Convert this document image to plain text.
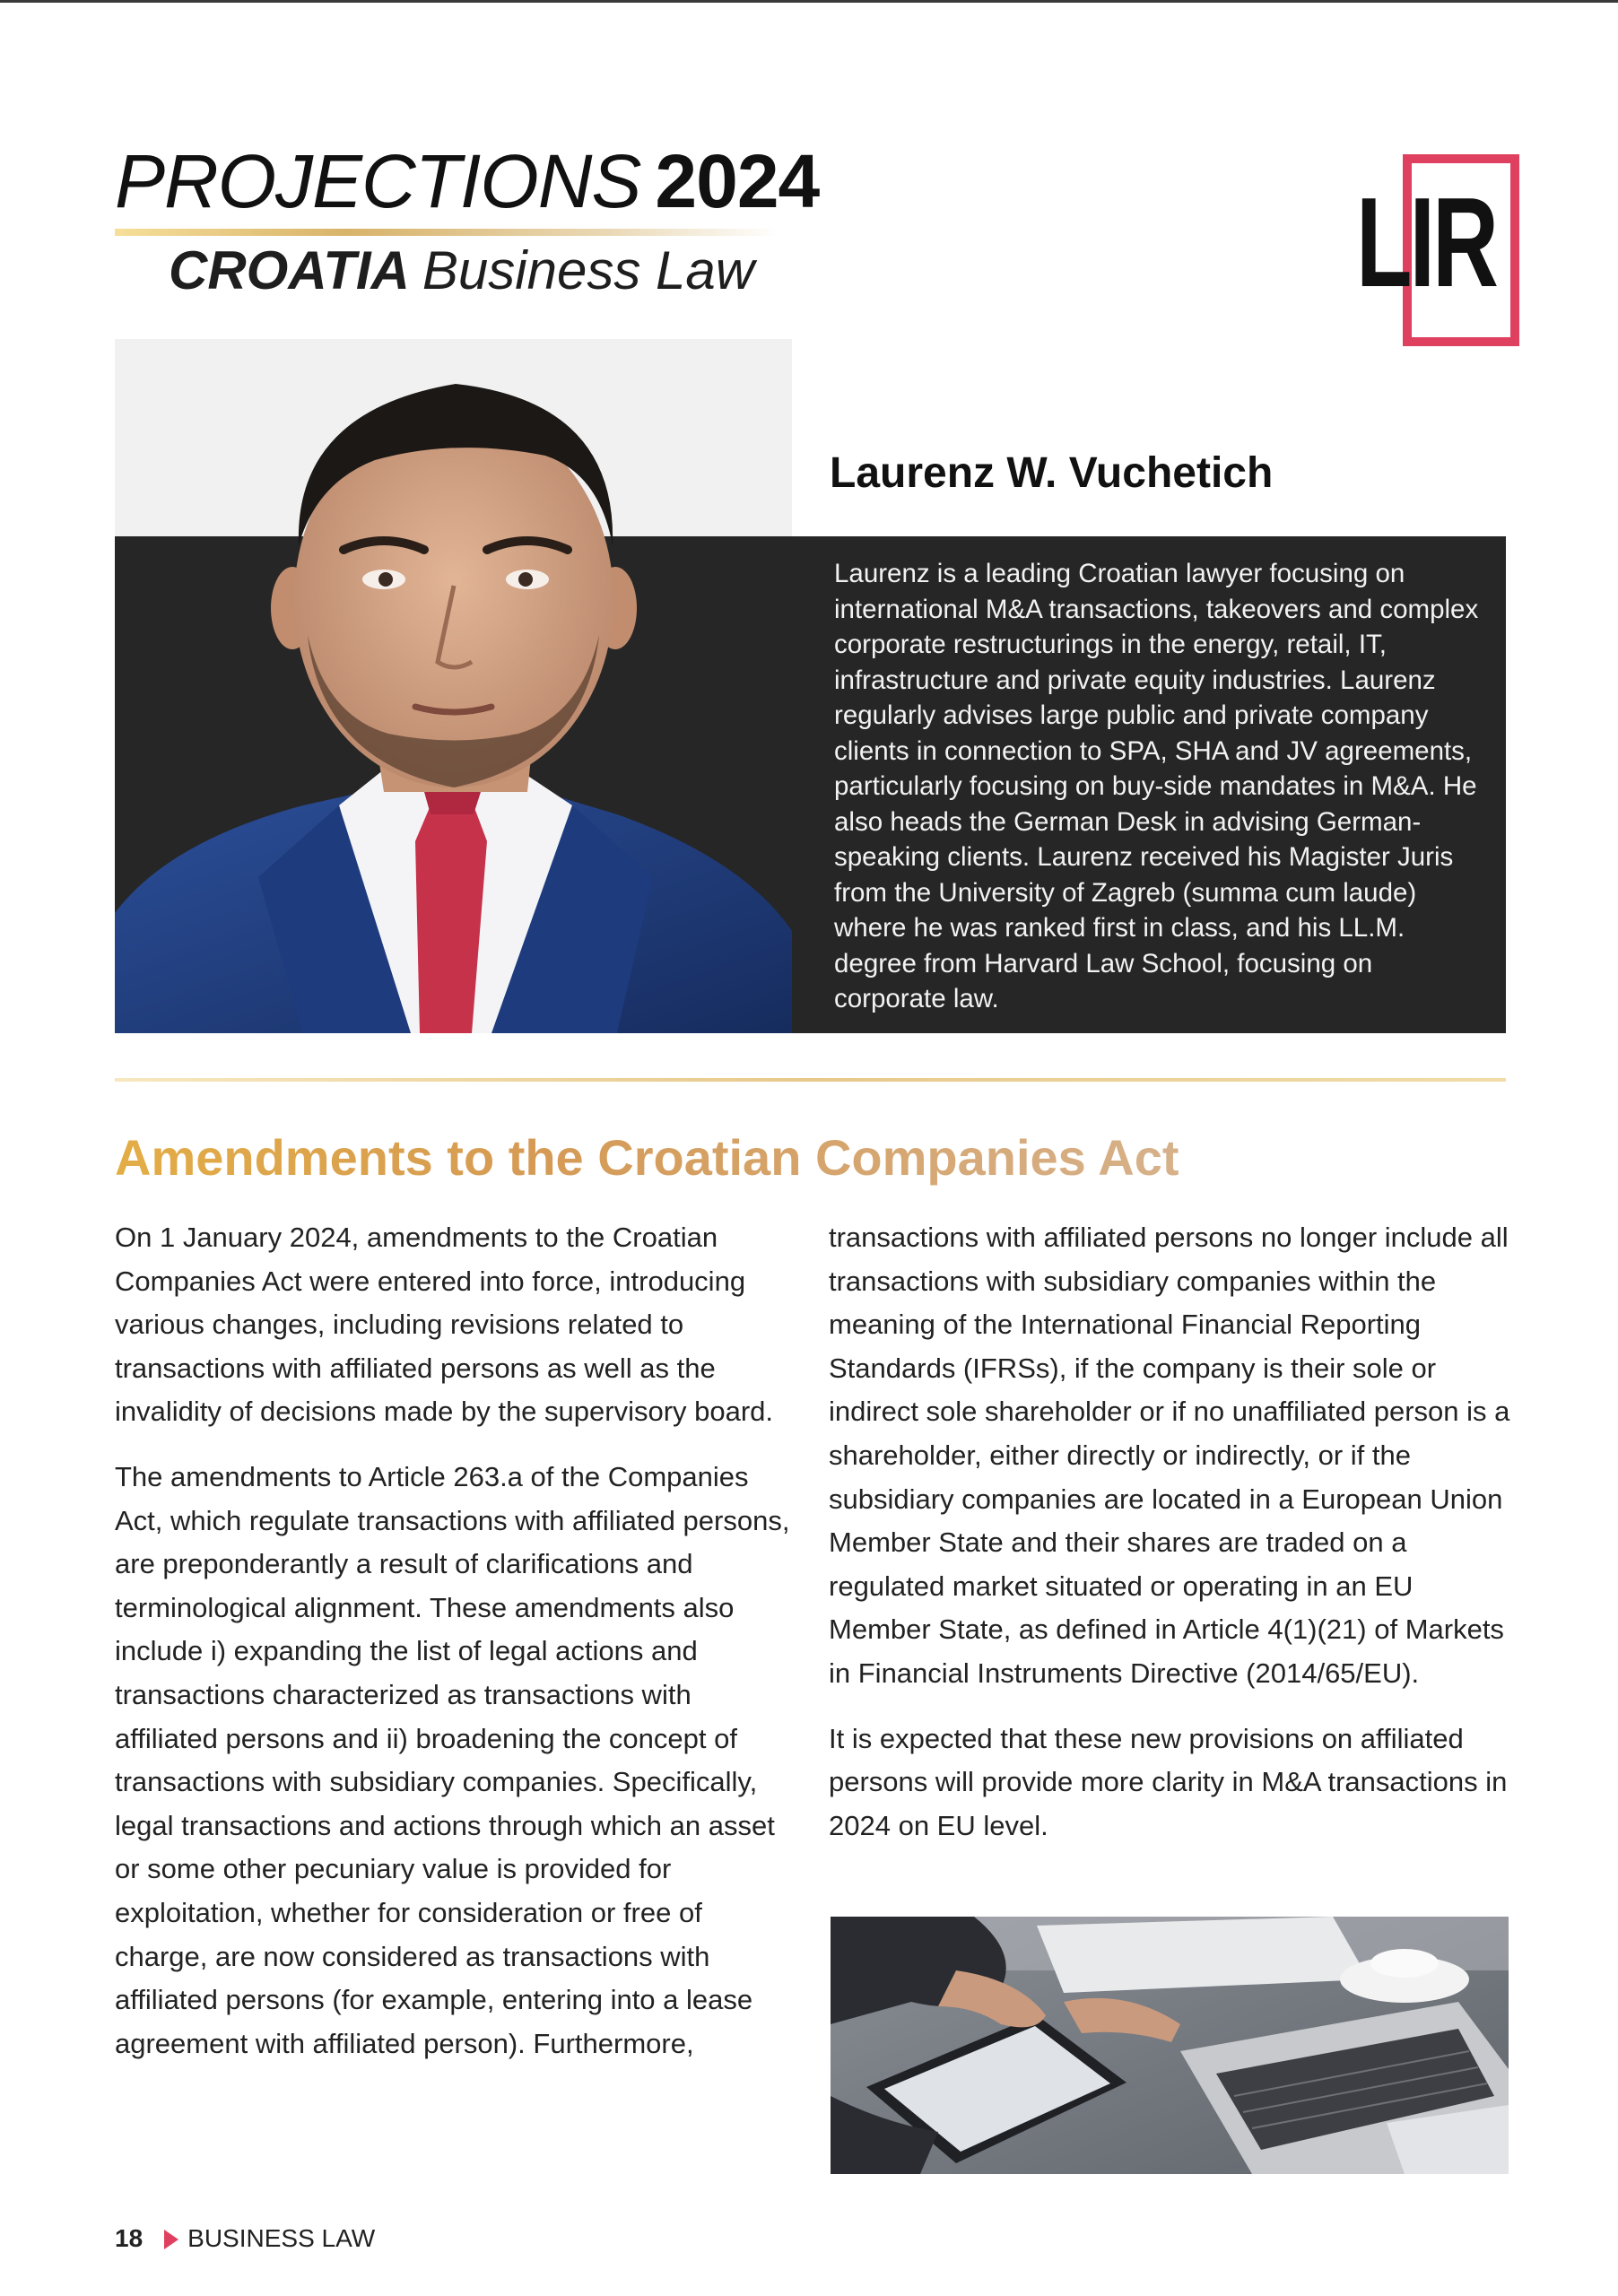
PROJECTIONS 2024
CROATIA Business Law	LIR
Laurenz W. Vuchetich
Laurenz is a leading Croatian lawyer focusing on international M&A transactions, takeovers and complex corporate restructurings in the energy, retail, IT, infrastructure and private equity industries. Laurenz regularly advises large public and private company clients in connection to SPA, SHA and JV agreements, particularly focusing on buy-side mandates in M&A. He also heads the German Desk in advising German-speaking clients. Laurenz received his Magister Juris from the University of Zagreb (summa cum laude) where he was ranked first in class, and his LL.M. degree from Harvard Law School, focusing on corporate law.
Amendments to the Croatian Companies Act

On 1 January 2024, amendments to the Croatian Companies Act were entered into force, introducing various changes, including revisions related to transactions with affiliated persons as well as the invalidity of decisions made by the supervisory board.

The amendments to Article 263.a of the Companies Act, which regulate transactions with affiliated persons, are preponderantly a result of clarifications and terminological alignment. These amendments also include i) expanding the list of legal actions and transactions characterized as transactions with affiliated persons and ii) broadening the concept of transactions with subsidiary companies. Specifically, legal transactions and actions through which an asset or some other pecuniary value is provided for exploitation, whether for consideration or free of charge, are now considered as transactions with affiliated persons (for example, entering into a lease agreement with affiliated person). Furthermore,

transactions with affiliated persons no longer include all transactions with subsidiary companies within the meaning of the International Financial Reporting Standards (IFRSs), if the company is their sole or indirect sole shareholder or if no unaffiliated person is a shareholder, either directly or indirectly, or if the subsidiary companies are located in a European Union Member State and their shares are traded on a regulated market situated or operating in an EU Member State, as defined in Article 4(1)(21) of Markets in Financial Instruments Directive (2014/65/EU).

It is expected that these new provisions on affiliated persons will provide more clarity in M&A transactions in 2024 on EU level.

18 BUSINESS LAW
